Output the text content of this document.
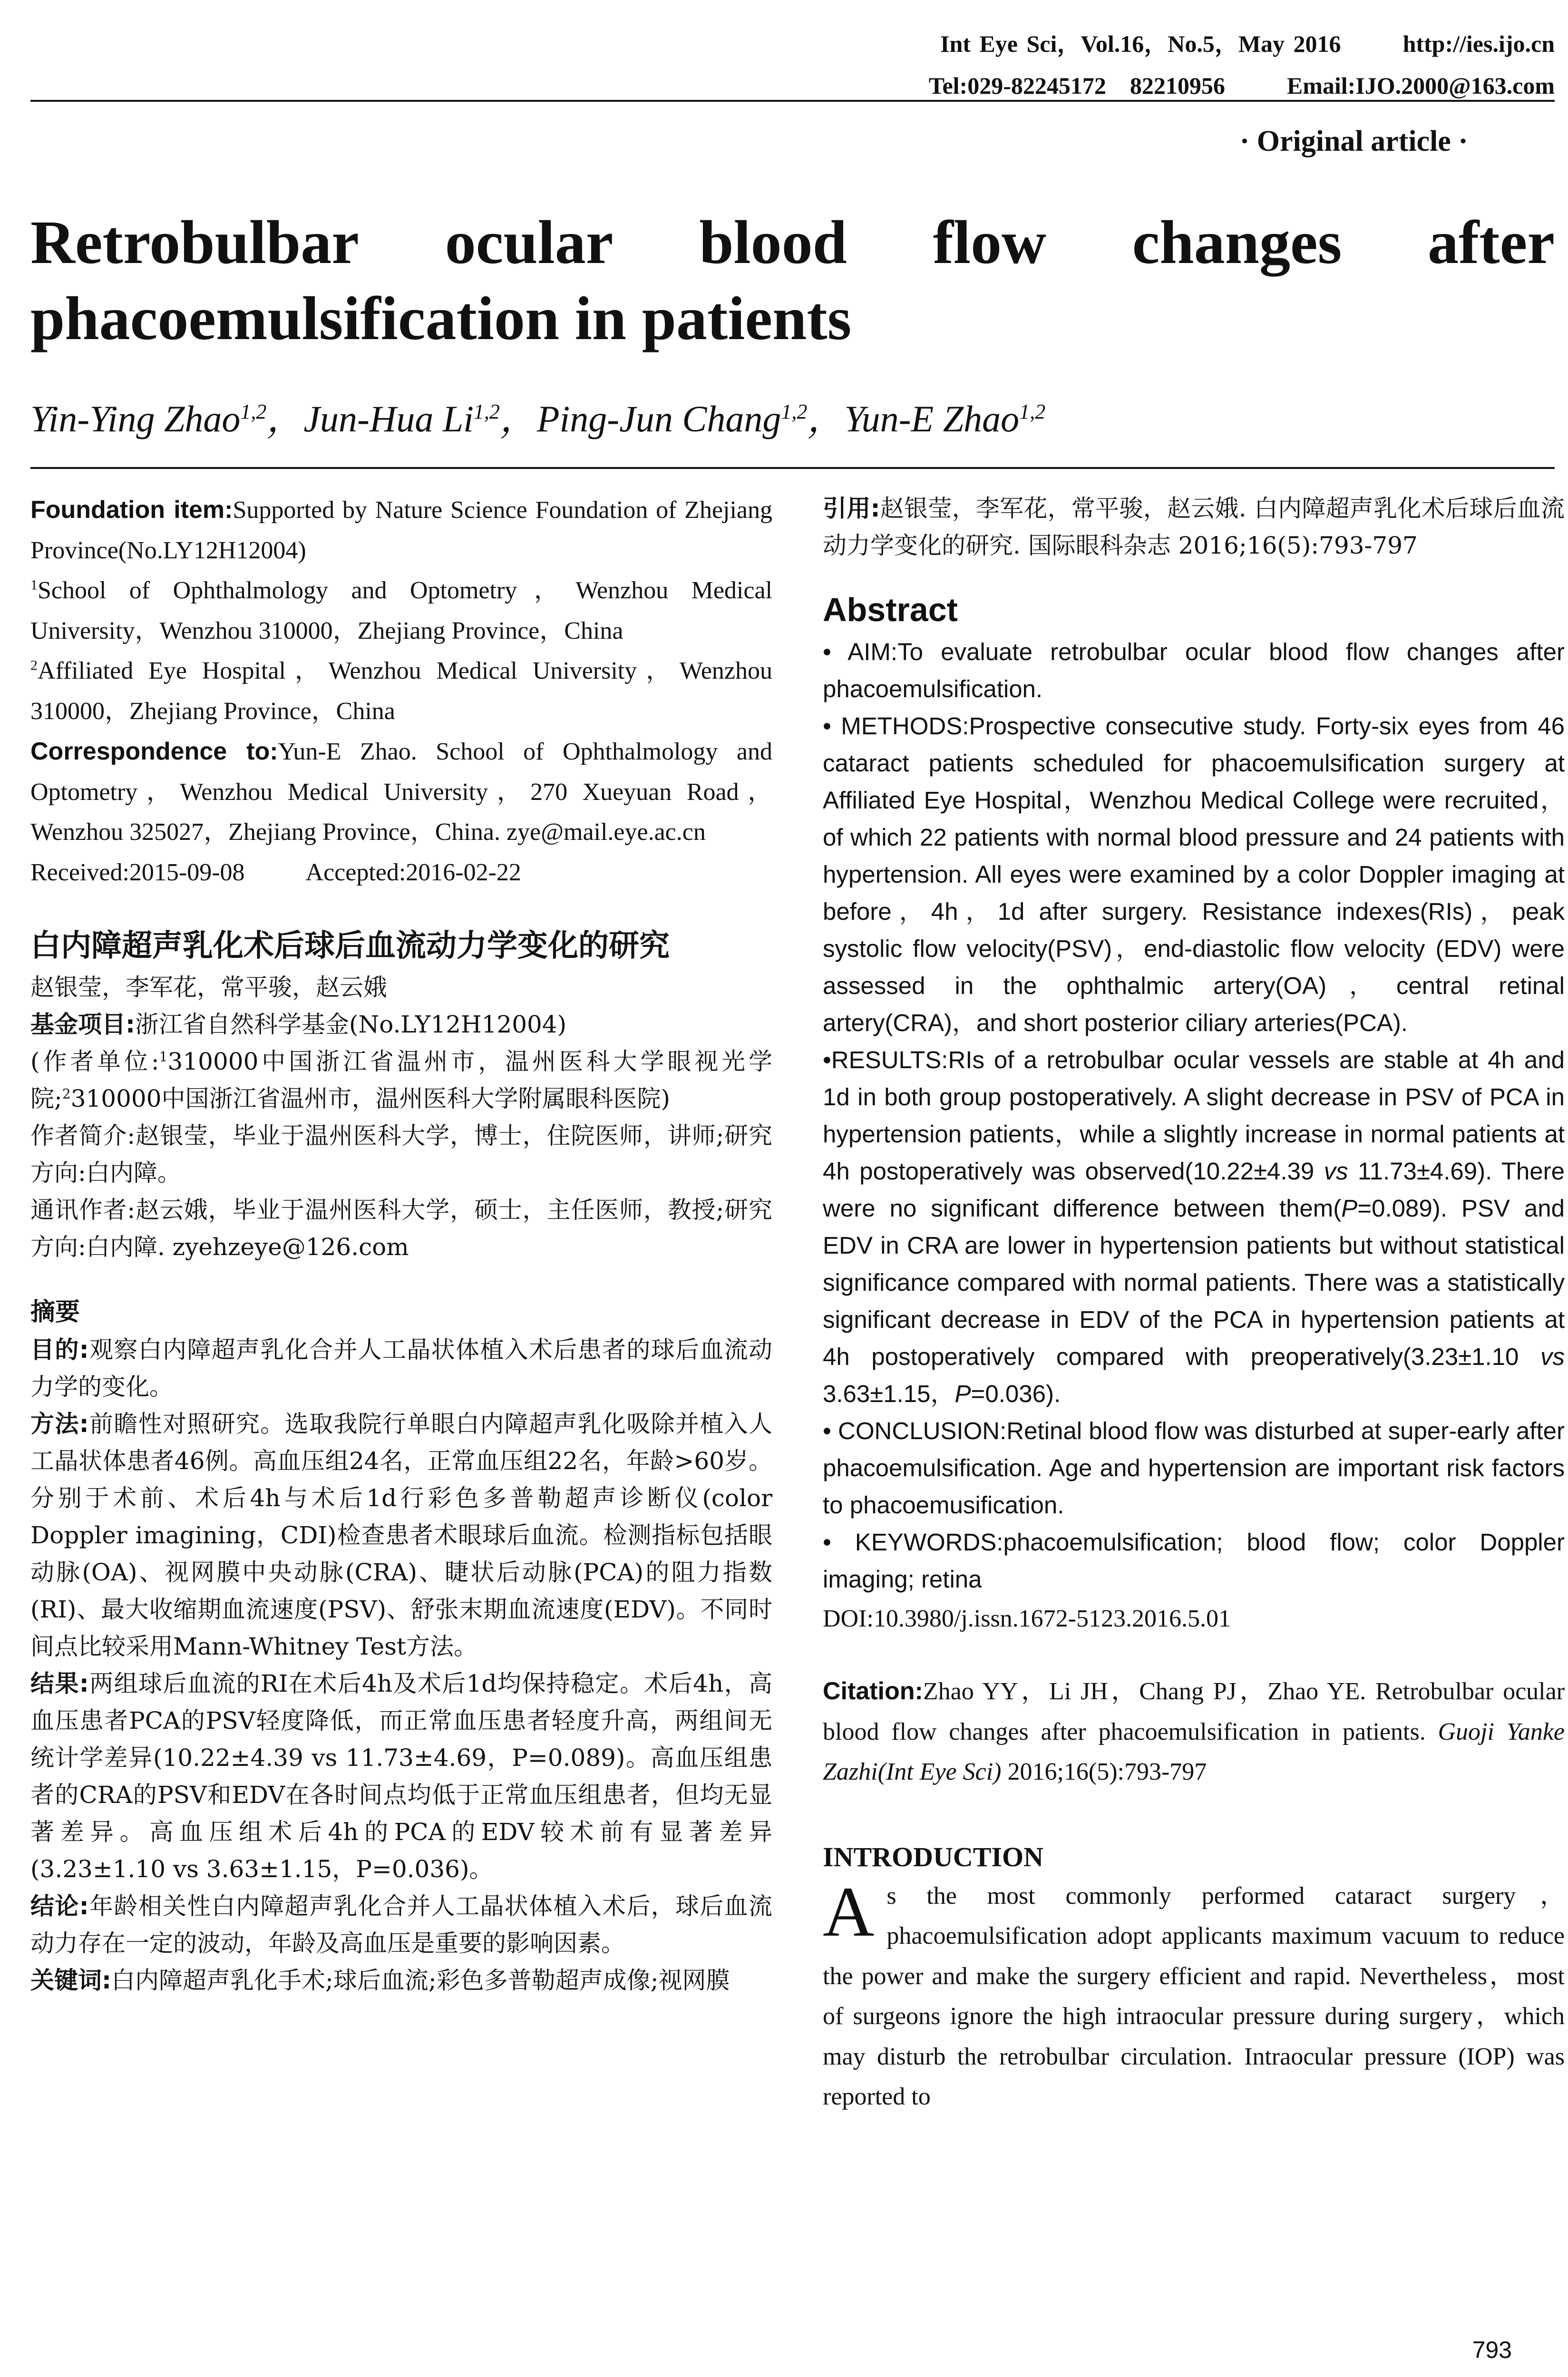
Int Eye Sci，Vol.16，No.5，May 2016	http://ies.ijo.cn
Tel:029-82245172　82210956	Email:IJO.2000@163.com
· Original article ·
Retrobulbar ocular blood flow changes after
phacoemulsification in patients
Yin-Ying Zhao$^{1,2}$，Jun-Hua Li$^{1,2}$，Ping-Jun Chang$^{1,2}$，Yun-E Zhao$^{1,2}$

Foundation item:Supported by Nature Science Foundation of Zhejiang Province(No.LY12H12004)

$^1$School of Ophthalmology and Optometry，Wenzhou Medical University，Wenzhou 310000，Zhejiang Province，China

$^2$Affiliated Eye Hospital，Wenzhou Medical University，Wenzhou 310000，Zhejiang Province，China

Correspondence to:Yun-E Zhao. School of Ophthalmology and Optometry，Wenzhou Medical University，270 Xueyuan Road，Wenzhou 325027，Zhejiang Province，China. zye@mail.eye.ac.cn

Received:2015-09-08 Accepted:2016-02-22

白内障超声乳化术后球后血流动力学变化的研究

赵银莹，李军花，常平骏，赵云娥

基金项目:浙江省自然科学基金(No.LY12H12004)

(作者单位:$^1$310000中国浙江省温州市，温州医科大学眼视光学院;$^2$310000中国浙江省温州市，温州医科大学附属眼科医院)

作者简介:赵银莹，毕业于温州医科大学，博士，住院医师，讲师;研究方向:白内障。

通讯作者:赵云娥，毕业于温州医科大学，硕士，主任医师，教授;研究方向:白内障. zyehzeye@126.com

摘要

目的:观察白内障超声乳化合并人工晶状体植入术后患者的球后血流动力学的变化。

方法:前瞻性对照研究。选取我院行单眼白内障超声乳化吸除并植入人工晶状体患者46例。高血压组24名，正常血压组22名，年龄>60岁。分别于术前、术后4h与术后1d行彩色多普勒超声诊断仪(color Doppler imagining，CDI)检查患者术眼球后血流。检测指标包括眼动脉(OA)、视网膜中央动脉(CRA)、睫状后动脉(PCA)的阻力指数(RI)、最大收缩期血流速度(PSV)、舒张末期血流速度(EDV)。不同时间点比较采用Mann-Whitney Test方法。

结果:两组球后血流的RI在术后4h及术后1d均保持稳定。术后4h，高血压患者PCA的PSV轻度降低，而正常血压患者轻度升高，两组间无统计学差异(10.22±4.39 vs 11.73±4.69，P=0.089)。高血压组患者的CRA的PSV和EDV在各时间点均低于正常血压组患者，但均无显著差异。高血压组术后4h的PCA的EDV较术前有显著差异(3.23±1.10 vs 3.63±1.15，P=0.036)。

结论:年龄相关性白内障超声乳化合并人工晶状体植入术后，球后血流动力存在一定的波动，年龄及高血压是重要的影响因素。

关键词:白内障超声乳化手术;球后血流;彩色多普勒超声成像;视网膜

引用:赵银莹，李军花，常平骏，赵云娥. 白内障超声乳化术后球后血流动力学变化的研究. 国际眼科杂志 2016;16(5):793-797

Abstract

• AIM:To evaluate retrobulbar ocular blood flow changes after phacoemulsification.

• METHODS:Prospective consecutive study. Forty-six eyes from 46 cataract patients scheduled for phacoemulsification surgery at Affiliated Eye Hospital，Wenzhou Medical College were recruited，of which 22 patients with normal blood pressure and 24 patients with hypertension. All eyes were examined by a color Doppler imaging at before，4h，1d after surgery. Resistance indexes(RIs)，peak systolic flow velocity(PSV)，end-diastolic flow velocity (EDV) were assessed in the ophthalmic artery(OA)，central retinal artery(CRA)，and short posterior ciliary arteries(PCA).

•RESULTS:RIs of a retrobulbar ocular vessels are stable at 4h and 1d in both group postoperatively. A slight decrease in PSV of PCA in hypertension patients，while a slightly increase in normal patients at 4h postoperatively was observed(10.22±4.39 vs 11.73±4.69). There were no significant difference between them(P=0.089). PSV and EDV in CRA are lower in hypertension patients but without statistical significance compared with normal patients. There was a statistically significant decrease in EDV of the PCA in hypertension patients at 4h postoperatively compared with preoperatively(3.23±1.10 vs 3.63±1.15，P=0.036).

• CONCLUSION:Retinal blood flow was disturbed at super-early after phacoemulsification. Age and hypertension are important risk factors to phacoemusification.

• KEYWORDS:phacoemulsification; blood flow; color Doppler imaging; retina

DOI:10.3980/j.issn.1672-5123.2016.5.01

Citation:Zhao YY，Li JH，Chang PJ，Zhao YE. Retrobulbar ocular blood flow changes after phacoemulsification in patients. Guoji Yanke Zazhi(Int Eye Sci) 2016;16(5):793-797

INTRODUCTION

As the most commonly performed cataract surgery，phacoemulsification adopt applicants maximum vacuum to reduce the power and make the surgery efficient and rapid. Nevertheless，most of surgeons ignore the high intraocular pressure during surgery，which may disturb the retrobulbar circulation. Intraocular pressure (IOP) was reported to

793
